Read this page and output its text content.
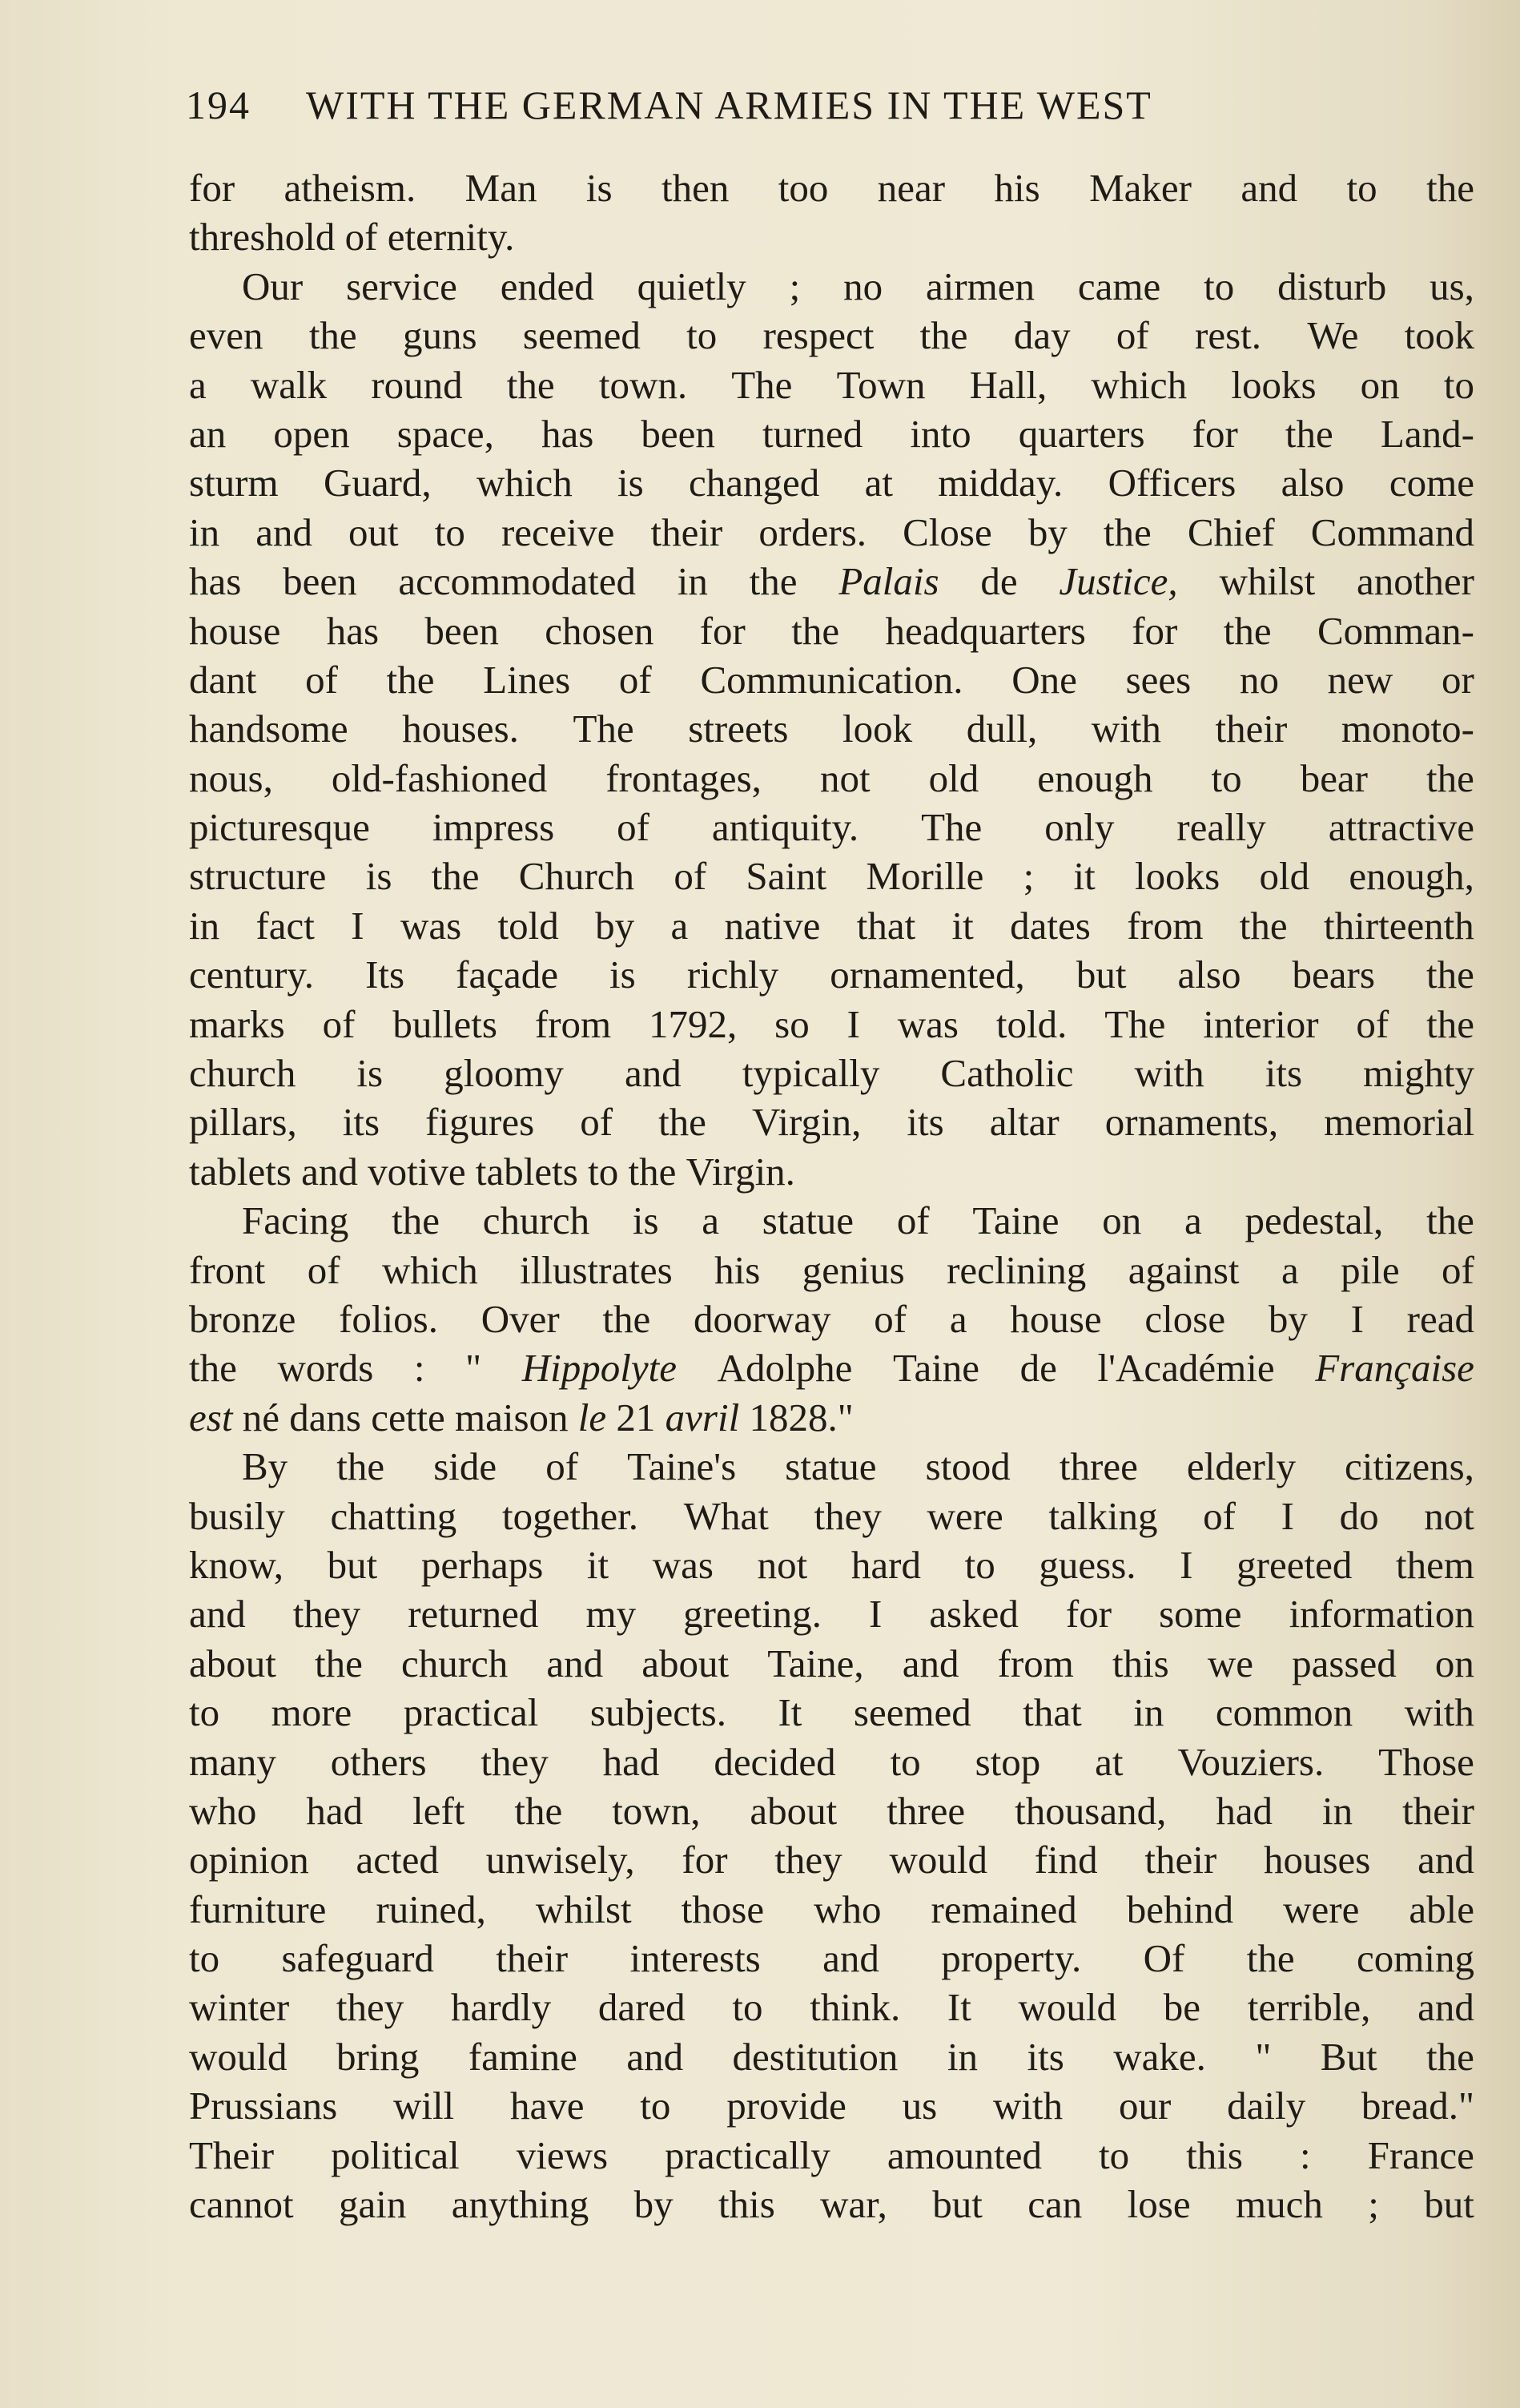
194 WITH THE GERMAN ARMIES IN THE WEST
for atheism. Man is then too near his Maker and to the
threshold
of
eternity.
Our service ended quietly ; no airmen came to disturb us,
even the guns seemed to respect the day of rest. We took
a walk round the town. The Town Hall, which looks on to
an open space, has been turned into quarters for the Land-
sturm Guard, which is changed at midday. Officers also come
in and out to receive their orders. Close by the Chief Command
has been accommodated in the Palais de Justice, whilst another
house has been chosen for the headquarters for the Comman-
dant of the Lines of Communication. One sees no new or
handsome houses. The streets look dull, with their monoto-
nous, old-fashioned frontages, not old enough to bear the
picturesque impress of antiquity. The only really attractive
structure is the Church of Saint Morille ; it looks old enough,
in fact I was told by a native that it dates from the thirteenth
century. Its façade is richly ornamented, but also bears the
marks of bullets from 1792, so I was told. The interior of the
church is gloomy and typically Catholic with its mighty
pillars, its figures of the Virgin, its altar ornaments, memorial
tablets
and
votive
tablets
to
the
Virgin.
Facing the church is a statue of Taine on a pedestal, the
front of which illustrates his genius reclining against a pile of
bronze folios. Over the doorway of a house close by I read
the words : " Hippolyte Adolphe Taine de l'Académie Française
est
né
dans
cette
maison
le
21
avril
1828."
By the side of Taine's statue stood three elderly citizens,
busily chatting together. What they were talking of I do not
know, but perhaps it was not hard to guess. I greeted them
and they returned my greeting. I asked for some information
about the church and about Taine, and from this we passed on
to more practical subjects. It seemed that in common with
many others they had decided to stop at Vouziers. Those
who had left the town, about three thousand, had in their
opinion acted unwisely, for they would find their houses and
furniture ruined, whilst those who remained behind were able
to safeguard their interests and property. Of the coming
winter they hardly dared to think. It would be terrible, and
would bring famine and destitution in its wake. " But the
Prussians will have to provide us with our daily bread."
Their political views practically amounted to this : France
cannot gain anything by this war, but can lose much ; but
